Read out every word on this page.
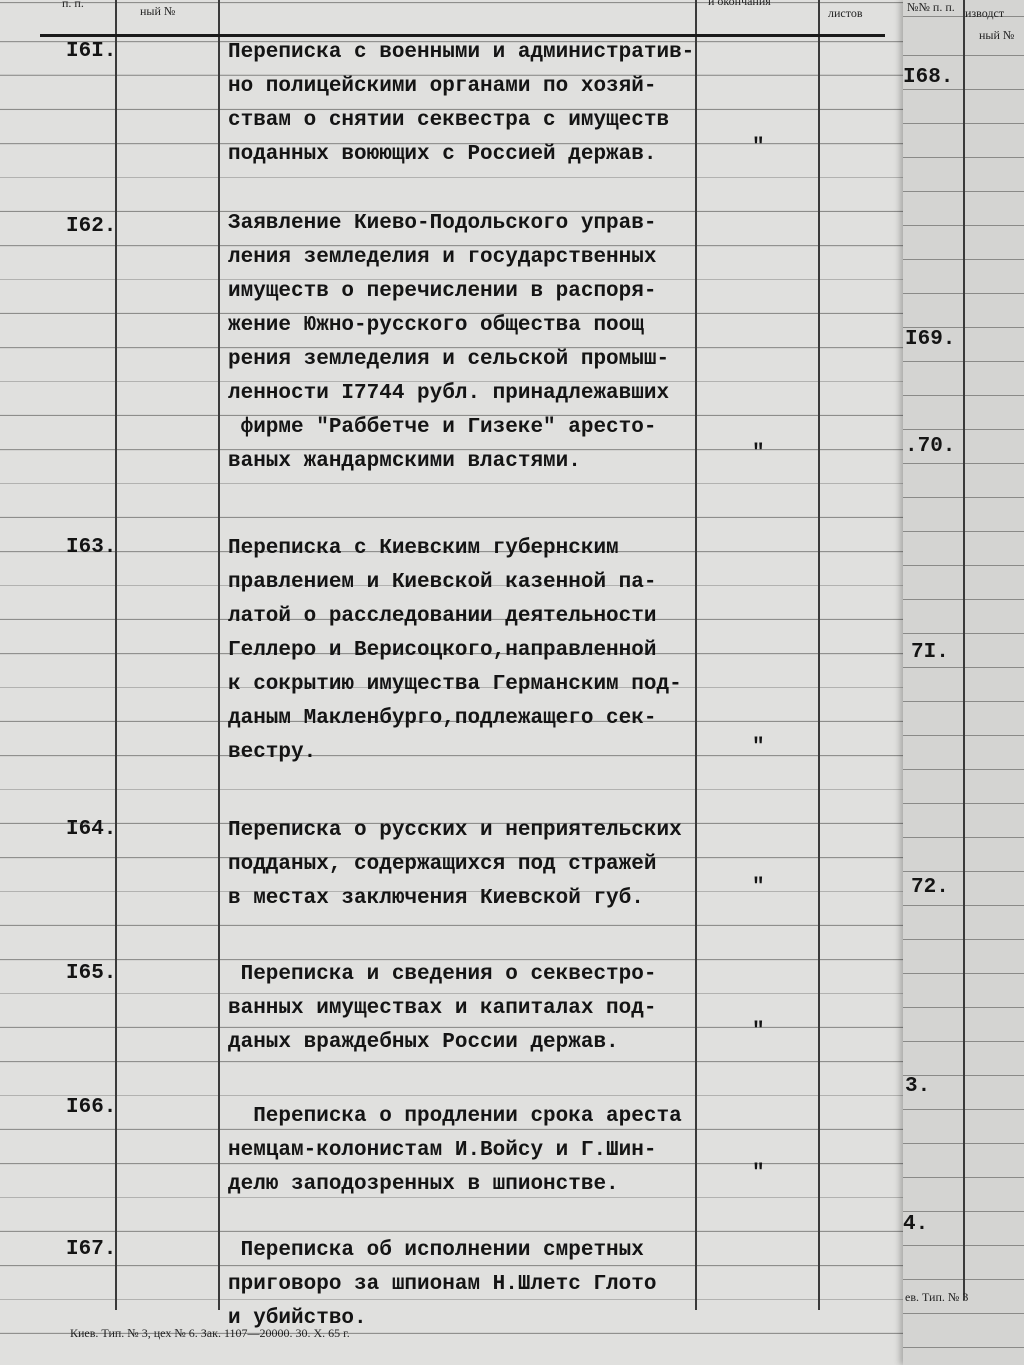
п. п.
ный №
и окончания
листов
I6I.	Переписка с военными и административ-
но полицейскими органами по хозяй-
ствам о снятии секвестра с имуществ
поданных воюющих с Россией держав.	"
I62.	Заявление Киево-Подольского управ-
ления земледелия и государственных
имуществ о перечислении в распоря-
жение Южно-русского общества поощ
рения земледелия и сельской промыш-
ленности I7744 рубл. принадлежавших
фирме "Раббетче и Гизеке" аресто-
ваных жандармскими властями.	"
I63.	Переписка с Киевским губернским
правлением и Киевской казенной па-
латой о расследовании деятельности
Геллеро и Верисоцкого,направленной
к сокрытию имущества Германским под-
даным Макленбурго,подлежащего сек-
вестру.	"
I64.	Переписка о русских и неприятельских
подданых, содержащихся под стражей
в местах заключения Киевской губ.	"
I65.	Переписка и сведения о секвестро-
ванных имуществах и капиталах под-
даных враждебных России держав.	"
I66.	Переписка о продлении срока ареста
немцам-колонистам И.Войсу и Г.Шин-
делю заподозренных в шпионстве.	"
I67.	Переписка об исполнении смретных
приговоро за шпионам Н.Шлетс Глото
и убийство.
Киев. Тип. № 3, цех № 6. Зак. 1107—20000. 30. X. 65 г.
№№ п. п. изводст
ный №
I68.
I69.
.70.
7I.
72.
3.
4.
ев. Тип. № 3
